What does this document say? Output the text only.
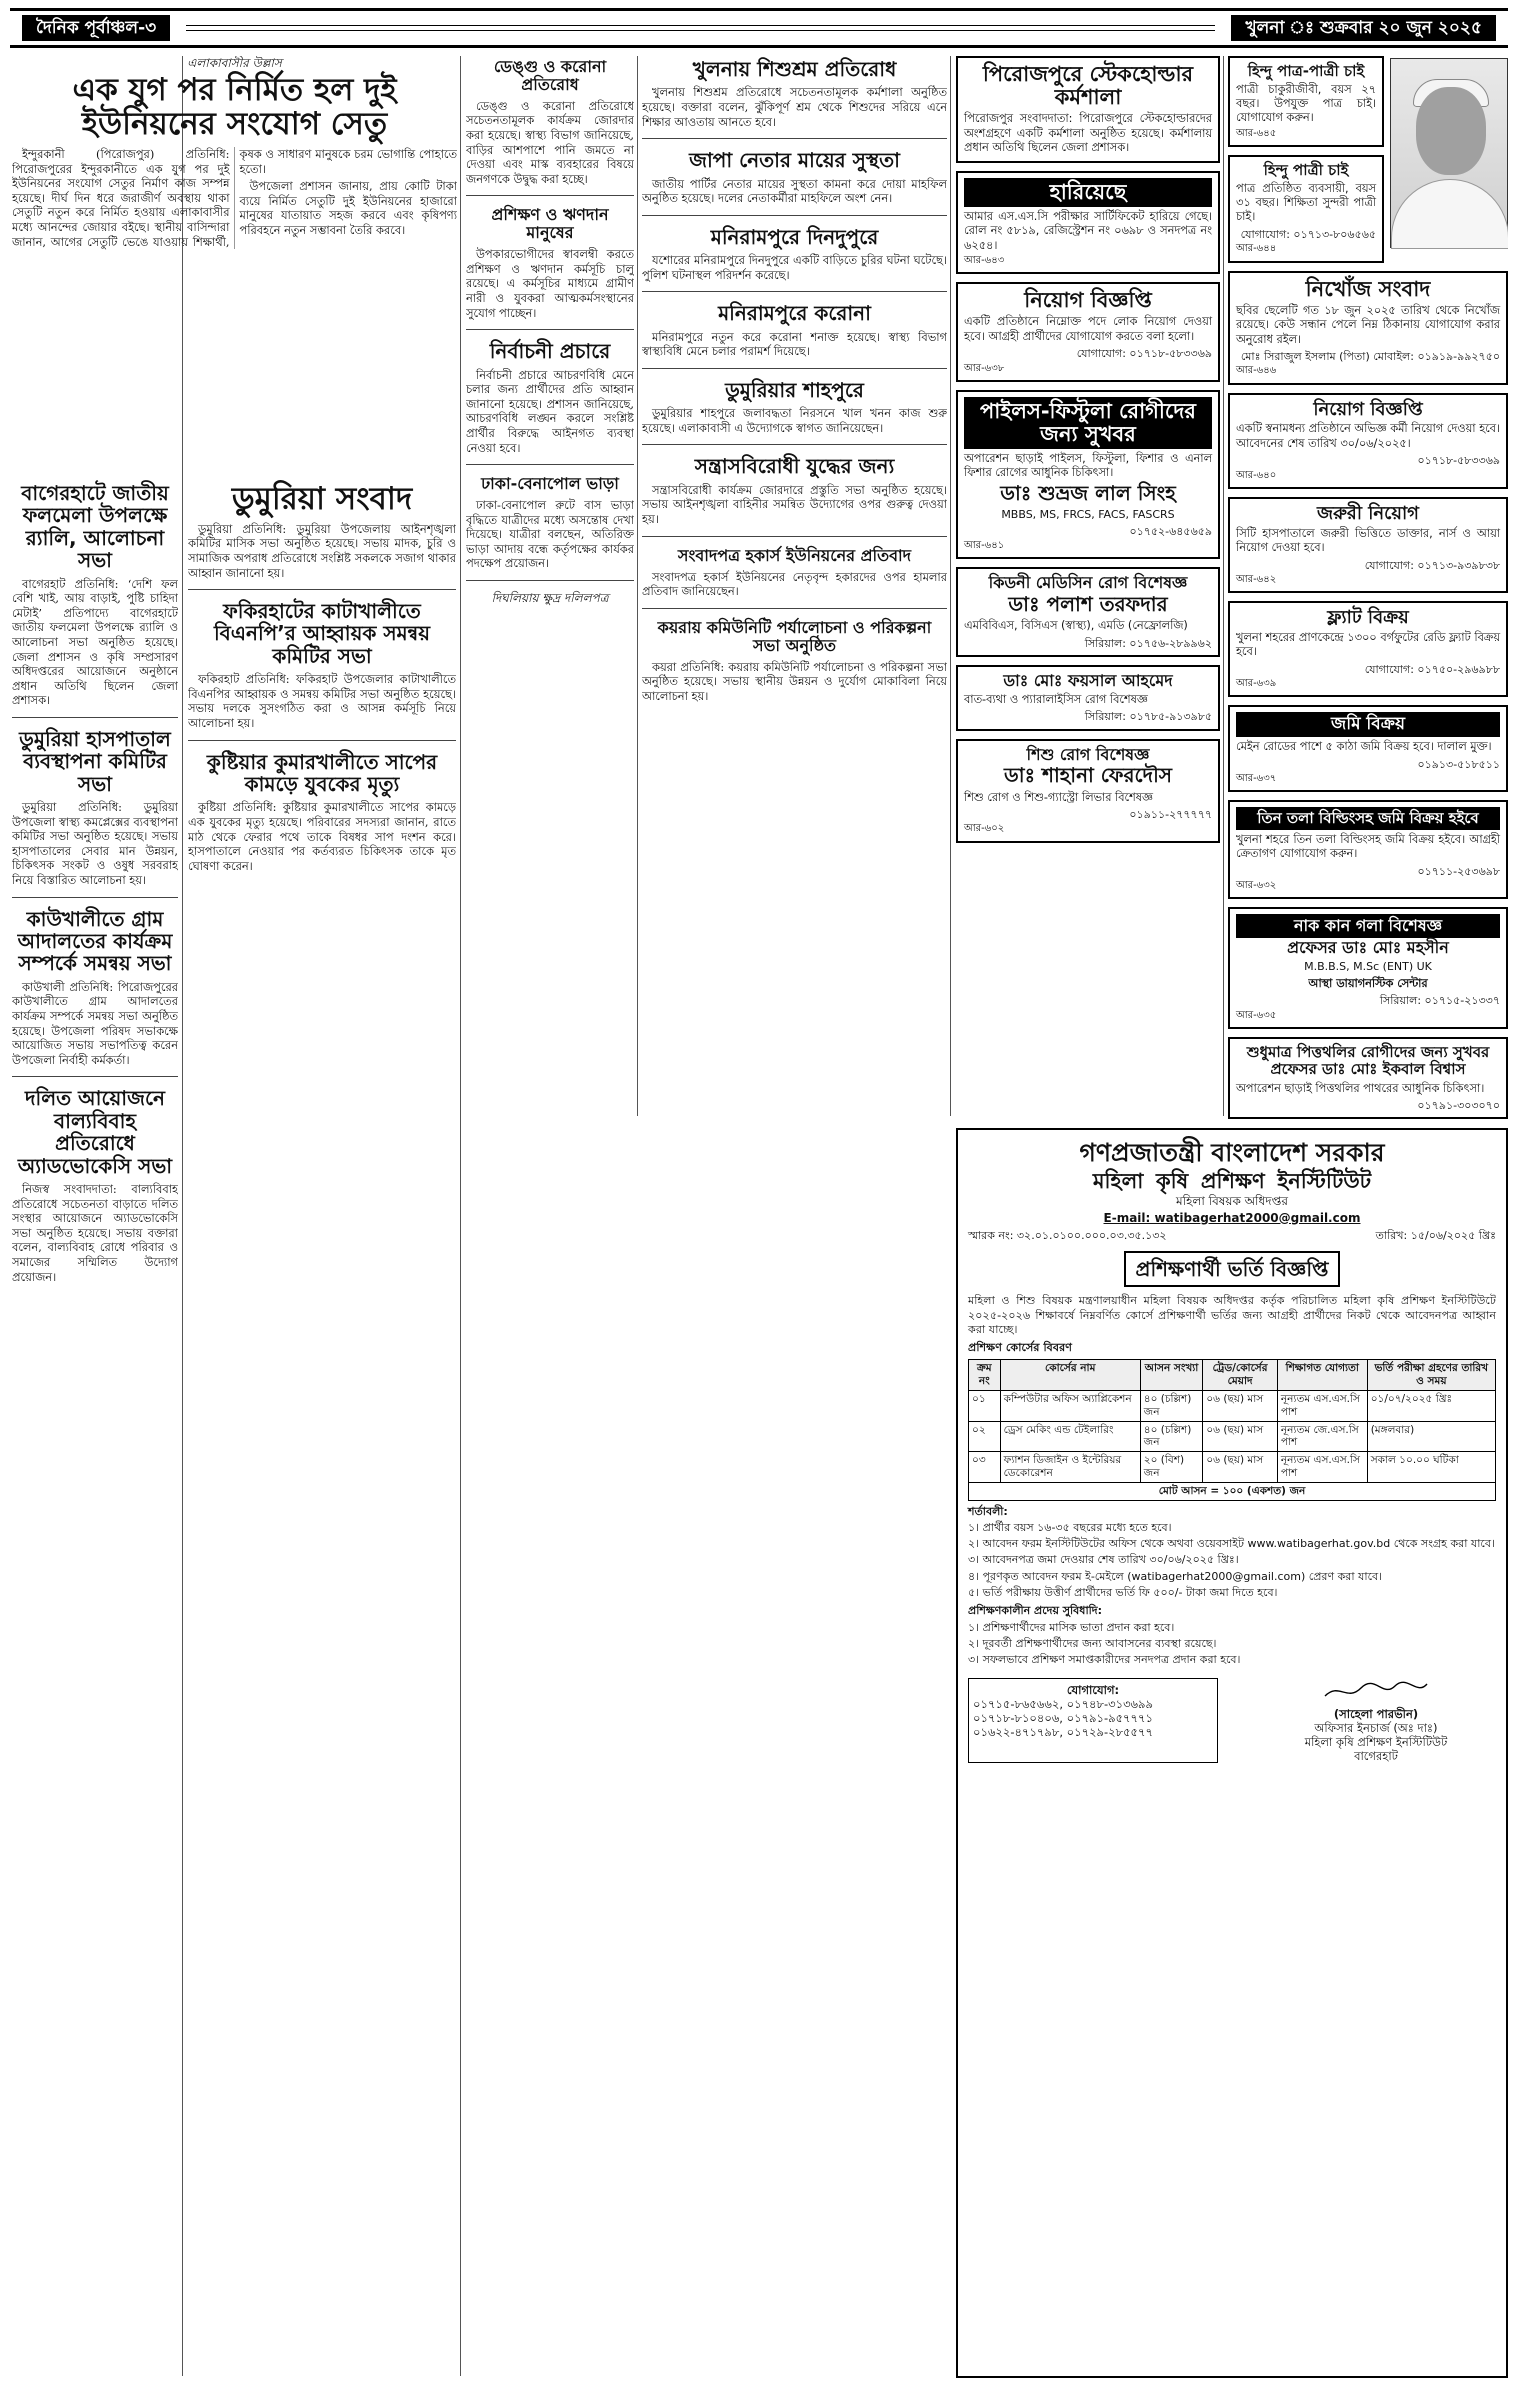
দৈনিক পূর্বাঞ্চল-৩	খুলনা ঃ শুক্রবার ২০ জুন ২০২৫
এলাকাবাসীর উল্লাস
এক যুগ পর নির্মিত হল দুই ইউনিয়নের সংযোগ সেতু

ইন্দুরকানী (পিরোজপুর) প্রতিনিধি: পিরোজপুরের ইন্দুরকানীতে এক যুগ পর দুই ইউনিয়নের সংযোগ সেতুর নির্মাণ কাজ সম্পন্ন হয়েছে। দীর্ঘ দিন ধরে জরাজীর্ণ অবস্থায় থাকা সেতুটি নতুন করে নির্মিত হওয়ায় এলাকাবাসীর মধ্যে আনন্দের জোয়ার বইছে। স্থানীয় বাসিন্দারা জানান, আগের সেতুটি ভেঙে যাওয়ায় শিক্ষার্থী, কৃষক ও সাধারণ মানুষকে চরম ভোগান্তি পোহাতে হতো।

উপজেলা প্রশাসন জানায়, প্রায় কোটি টাকা ব্যয়ে নির্মিত সেতুটি দুই ইউনিয়নের হাজারো মানুষের যাতায়াত সহজ করবে এবং কৃষিপণ্য পরিবহনে নতুন সম্ভাবনা তৈরি করবে।

বাগেরহাটে জাতীয় ফলমেলা উপলক্ষে র‌্যালি, আলোচনা সভা

বাগেরহাট প্রতিনিধি: ‘দেশি ফল বেশি খাই, আয় বাড়াই, পুষ্টি চাহিদা মেটাই’ প্রতিপাদ্যে বাগেরহাটে জাতীয় ফলমেলা উপলক্ষে র‌্যালি ও আলোচনা সভা অনুষ্ঠিত হয়েছে। জেলা প্রশাসন ও কৃষি সম্প্রসারণ অধিদপ্তরের আয়োজনে অনুষ্ঠানে প্রধান অতিথি ছিলেন জেলা প্রশাসক।

ডুমুরিয়া হাসপাতাল ব্যবস্থাপনা কমিটির সভা

ডুমুরিয়া প্রতিনিধি: ডুমুরিয়া উপজেলা স্বাস্থ্য কমপ্লেক্সের ব্যবস্থাপনা কমিটির সভা অনুষ্ঠিত হয়েছে। সভায় হাসপাতালের সেবার মান উন্নয়ন, চিকিৎসক সংকট ও ওষুধ সরবরাহ নিয়ে বিস্তারিত আলোচনা হয়।

কাউখালীতে গ্রাম আদালতের কার্যক্রম সম্পর্কে সমন্বয় সভা

কাউখালী প্রতিনিধি: পিরোজপুরের কাউখালীতে গ্রাম আদালতের কার্যক্রম সম্পর্কে সমন্বয় সভা অনুষ্ঠিত হয়েছে। উপজেলা পরিষদ সভাকক্ষে আয়োজিত সভায় সভাপতিত্ব করেন উপজেলা নির্বাহী কর্মকর্তা।

দলিত আয়োজনে বাল্যবিবাহ প্রতিরোধে অ্যাডভোকেসি সভা

নিজস্ব সংবাদদাতা: বাল্যবিবাহ প্রতিরোধে সচেতনতা বাড়াতে দলিত সংস্থার আয়োজনে অ্যাডভোকেসি সভা অনুষ্ঠিত হয়েছে। সভায় বক্তারা বলেন, বাল্যবিবাহ রোধে পরিবার ও সমাজের সম্মিলিত উদ্যোগ প্রয়োজন।

ডুমুরিয়া সংবাদ

ডুমুরিয়া প্রতিনিধি: ডুমুরিয়া উপজেলায় আইনশৃঙ্খলা কমিটির মাসিক সভা অনুষ্ঠিত হয়েছে। সভায় মাদক, চুরি ও সামাজিক অপরাধ প্রতিরোধে সংশ্লিষ্ট সকলকে সজাগ থাকার আহ্বান জানানো হয়।

ফকিরহাটের কাটাখালীতে বিএনপি’র আহ্বায়ক সমন্বয় কমিটির সভা

ফকিরহাট প্রতিনিধি: ফকিরহাট উপজেলার কাটাখালীতে বিএনপির আহ্বায়ক ও সমন্বয় কমিটির সভা অনুষ্ঠিত হয়েছে। সভায় দলকে সুসংগঠিত করা ও আসন্ন কর্মসূচি নিয়ে আলোচনা হয়।

কুষ্টিয়ার কুমারখালীতে সাপের কামড়ে যুবকের মৃত্যু

কুষ্টিয়া প্রতিনিধি: কুষ্টিয়ার কুমারখালীতে সাপের কামড়ে এক যুবকের মৃত্যু হয়েছে। পরিবারের সদস্যরা জানান, রাতে মাঠ থেকে ফেরার পথে তাকে বিষধর সাপ দংশন করে। হাসপাতালে নেওয়ার পর কর্তব্যরত চিকিৎসক তাকে মৃত ঘোষণা করেন।

ডেঙ্গু ও করোনা প্রতিরোধ

ডেঙ্গু ও করোনা প্রতিরোধে সচেতনতামূলক কার্যক্রম জোরদার করা হয়েছে। স্বাস্থ্য বিভাগ জানিয়েছে, বাড়ির আশপাশে পানি জমতে না দেওয়া এবং মাস্ক ব্যবহারের বিষয়ে জনগণকে উদ্বুদ্ধ করা হচ্ছে।

প্রশিক্ষণ ও ঋণদান মানুষের

উপকারভোগীদের স্বাবলম্বী করতে প্রশিক্ষণ ও ঋণদান কর্মসূচি চালু রয়েছে। এ কর্মসূচির মাধ্যমে গ্রামীণ নারী ও যুবকরা আত্মকর্মসংস্থানের সুযোগ পাচ্ছেন।

নির্বাচনী প্রচারে

নির্বাচনী প্রচারে আচরণবিধি মেনে চলার জন্য প্রার্থীদের প্রতি আহ্বান জানানো হয়েছে। প্রশাসন জানিয়েছে, আচরণবিধি লঙ্ঘন করলে সংশ্লিষ্ট প্রার্থীর বিরুদ্ধে আইনগত ব্যবস্থা নেওয়া হবে।

ঢাকা-বেনাপোল ভাড়া

ঢাকা-বেনাপোল রুটে বাস ভাড়া বৃদ্ধিতে যাত্রীদের মধ্যে অসন্তোষ দেখা দিয়েছে। যাত্রীরা বলছেন, অতিরিক্ত ভাড়া আদায় বন্ধে কর্তৃপক্ষের কার্যকর পদক্ষেপ প্রয়োজন।

দিঘলিয়ায় ক্ষুদ্র দলিলপত্র
খুলনায় শিশুশ্রম প্রতিরোধ

খুলনায় শিশুশ্রম প্রতিরোধে সচেতনতামূলক কর্মশালা অনুষ্ঠিত হয়েছে। বক্তারা বলেন, ঝুঁকিপূর্ণ শ্রম থেকে শিশুদের সরিয়ে এনে শিক্ষার আওতায় আনতে হবে।

জাপা নেতার মায়ের সুস্থতা

জাতীয় পার্টির নেতার মায়ের সুস্থতা কামনা করে দোয়া মাহফিল অনুষ্ঠিত হয়েছে। দলের নেতাকর্মীরা মাহফিলে অংশ নেন।

মনিরামপুরে দিনদুপুরে

যশোরের মনিরামপুরে দিনদুপুরে একটি বাড়িতে চুরির ঘটনা ঘটেছে। পুলিশ ঘটনাস্থল পরিদর্শন করেছে।

মনিরামপুরে করোনা

মনিরামপুরে নতুন করে করোনা শনাক্ত হয়েছে। স্বাস্থ্য বিভাগ স্বাস্থ্যবিধি মেনে চলার পরামর্শ দিয়েছে।

ডুমুরিয়ার শাহপুরে

ডুমুরিয়ার শাহপুরে জলাবদ্ধতা নিরসনে খাল খনন কাজ শুরু হয়েছে। এলাকাবাসী এ উদ্যোগকে স্বাগত জানিয়েছেন।

সন্ত্রাসবিরোধী যুদ্ধের জন্য

সন্ত্রাসবিরোধী কার্যক্রম জোরদারে প্রস্তুতি সভা অনুষ্ঠিত হয়েছে। সভায় আইনশৃঙ্খলা বাহিনীর সমন্বিত উদ্যোগের ওপর গুরুত্ব দেওয়া হয়।

সংবাদপত্র হকার্স ইউনিয়নের প্রতিবাদ

সংবাদপত্র হকার্স ইউনিয়নের নেতৃবৃন্দ হকারদের ওপর হামলার প্রতিবাদ জানিয়েছেন।

কয়রায় কমিউনিটি পর্যালোচনা ও পরিকল্পনা সভা অনুষ্ঠিত

কয়রা প্রতিনিধি: কয়রায় কমিউনিটি পর্যালোচনা ও পরিকল্পনা সভা অনুষ্ঠিত হয়েছে। সভায় স্থানীয় উন্নয়ন ও দুর্যোগ মোকাবিলা নিয়ে আলোচনা হয়।

পিরোজপুরে স্টেকহোল্ডার কর্মশালা
পিরোজপুর সংবাদদাতা: পিরোজপুরে স্টেকহোল্ডারদের অংশগ্রহণে একটি কর্মশালা অনুষ্ঠিত হয়েছে। কর্মশালায় প্রধান অতিথি ছিলেন জেলা প্রশাসক।
হারিয়েছে
আমার এস.এস.সি পরীক্ষার সার্টিফিকেট হারিয়ে গেছে। রোল নং ৫৮১৯, রেজিস্ট্রেশন নং ০৬৯৮ ও সনদপত্র নং ৬২৫৪।
আর-৬৪৩
নিয়োগ বিজ্ঞপ্তি
একটি প্রতিষ্ঠানে নিম্নোক্ত পদে লোক নিয়োগ দেওয়া হবে। আগ্রহী প্রার্থীদের যোগাযোগ করতে বলা হলো।
যোগাযোগ: ০১৭১৮-৫৮৩৩৬৯
আর-৬৩৮
পাইলস-ফিস্টুলা রোগীদের জন্য সুখবর
অপারেশন ছাড়াই পাইলস, ফিস্টুলা, ফিশার ও এনাল ফিশার রোগের আধুনিক চিকিৎসা।
ডাঃ শুভ্রজ লাল সিংহ
MBBS, MS, FRCS, FACS, FASCRS
০১৭৫২-৬৪৫৬৫৯
আর-৬৪১
কিডনী মেডিসিন রোগ বিশেষজ্ঞ
ডাঃ পলাশ তরফদার
এমবিবিএস, বিসিএস (স্বাস্থ্য), এমডি (নেফ্রোলজি)
সিরিয়াল: ০১৭৫৬-২৮৯৯৬২
ডাঃ মোঃ ফয়সাল আহমেদ
বাত-ব্যথা ও প্যারালাইসিস রোগ বিশেষজ্ঞ
সিরিয়াল: ০১৭৮৫-৯১৩৯৮৫
শিশু রোগ বিশেষজ্ঞ
ডাঃ শাহানা ফেরদৌস
শিশু রোগ ও শিশু-গ্যাস্ট্রো লিভার বিশেষজ্ঞ
০১৯১১-২৭৭৭৭৭
আর-৬০২
হিন্দু পাত্র-পাত্রী চাই
পাত্রী চাকুরীজীবী, বয়স ২৭ বছর। উপযুক্ত পাত্র চাই। যোগাযোগ করুন।
আর-৬৪৫
হিন্দু পাত্রী চাই
পাত্র প্রতিষ্ঠিত ব্যবসায়ী, বয়স ৩১ বছর। শিক্ষিতা সুন্দরী পাত্রী চাই।
যোগাযোগ: ০১৭১৩-৮০৬৫৬৫
আর-৬৪৪
নিখোঁজ সংবাদ
ছবির ছেলেটি গত ১৮ জুন ২০২৫ তারিখ থেকে নিখোঁজ রয়েছে। কেউ সন্ধান পেলে নিম্ন ঠিকানায় যোগাযোগ করার অনুরোধ রইল।
মোঃ সিরাজুল ইসলাম (পিতা) মোবাইল: ০১৯১৯-৯৯২৭৫০
আর-৬৪৬
নিয়োগ বিজ্ঞপ্তি
একটি স্বনামধন্য প্রতিষ্ঠানে অভিজ্ঞ কর্মী নিয়োগ দেওয়া হবে। আবেদনের শেষ তারিখ ৩০/০৬/২০২৫।
০১৭১৮-৫৮৩৩৬৯
আর-৬৪০
জরুরী নিয়োগ
সিটি হাসপাতালে জরুরী ভিত্তিতে ডাক্তার, নার্স ও আয়া নিয়োগ দেওয়া হবে।
যোগাযোগ: ০১৭১৩-৯৩৯৮৩৮
আর-৬৪২
ফ্ল্যাট বিক্রয়
খুলনা শহরের প্রাণকেন্দ্রে ১৩০০ বর্গফুটের রেডি ফ্ল্যাট বিক্রয় হবে।
যোগাযোগ: ০১৭৫০-২৯৬৯৮৮
আর-৬৩৯
জমি বিক্রয়
মেইন রোডের পাশে ৫ কাঠা জমি বিক্রয় হবে। দালাল মুক্ত।
০১৯১৩-৫১৮৫১১
আর-৬৩৭
তিন তলা বিল্ডিংসহ জমি বিক্রয় হইবে
খুলনা শহরে তিন তলা বিল্ডিংসহ জমি বিক্রয় হইবে। আগ্রহী ক্রেতাগণ যোগাযোগ করুন।
০১৭১১-২৫৩৬৯৮
আর-৬৩২
নাক কান গলা বিশেষজ্ঞ
প্রফেসর ডাঃ মোঃ মহসীন
M.B.B.S, M.Sc (ENT) UK
আস্থা ডায়াগনস্টিক সেন্টার
সিরিয়াল: ০১৭১৫-২১৩৩৭
আর-৬৩৫
শুধুমাত্র পিত্তথলির রোগীদের জন্য সুখবর
প্রফেসর ডাঃ মোঃ ইকবাল বিশ্বাস
অপারেশন ছাড়াই পিত্তথলির পাথরের আধুনিক চিকিৎসা।
০১৭৯১-৩০৩০৭০
গণপ্রজাতন্ত্রী বাংলাদেশ সরকার
মহিলা কৃষি প্রশিক্ষণ ইনস্টিটিউট
মহিলা বিষয়ক অধিদপ্তর
E-mail: watibagerhat2000@gmail.com
স্মারক নং: ৩২.০১.০১০০.০০০.০৩.৩৫.১৩২	তারিখ: ১৫/০৬/২০২৫ খ্রিঃ
প্রশিক্ষণার্থী ভর্তি বিজ্ঞপ্তি
মহিলা ও শিশু বিষয়ক মন্ত্রণালয়াধীন মহিলা বিষয়ক অধিদপ্তর কর্তৃক পরিচালিত মহিলা কৃষি প্রশিক্ষণ ইনস্টিটিউটে ২০২৫-২০২৬ শিক্ষাবর্ষে নিম্নবর্ণিত কোর্সে প্রশিক্ষণার্থী ভর্তির জন্য আগ্রহী প্রার্থীদের নিকট থেকে আবেদনপত্র আহ্বান করা যাচ্ছে।
প্রশিক্ষণ কোর্সের বিবরণ
ক্রম নং	কোর্সের নাম	আসন সংখ্যা	ট্রেড/কোর্সের মেয়াদ	শিক্ষাগত যোগ্যতা	ভর্তি পরীক্ষা গ্রহণের তারিখ ও সময়
০১	কম্পিউটার অফিস অ্যাপ্লিকেশন	৪০ (চল্লিশ) জন	০৬ (ছয়) মাস	নূন্যতম এস.এস.সি পাশ	০১/০৭/২০২৫ খ্রিঃ
০২	ড্রেস মেকিং এন্ড টেইলারিং	৪০ (চল্লিশ) জন	০৬ (ছয়) মাস	নূন্যতম জে.এস.সি পাশ	(মঙ্গলবার)
০৩	ফ্যাশন ডিজাইন ও ইন্টেরিয়র ডেকোরেশন	২০ (বিশ) জন	০৬ (ছয়) মাস	নূন্যতম এস.এস.সি পাশ	সকাল ১০.০০ ঘটিকা
মোট আসন = ১০০ (একশত) জন					
শর্তাবলী:
১। প্রার্থীর বয়স ১৬-৩৫ বছরের মধ্যে হতে হবে।
২। আবেদন ফরম ইনস্টিটিউটের অফিস থেকে অথবা ওয়েবসাইট www.watibagerhat.gov.bd থেকে সংগ্রহ করা যাবে।
৩। আবেদনপত্র জমা দেওয়ার শেষ তারিখ ৩০/০৬/২০২৫ খ্রিঃ।
৪। পূরণকৃত আবেদন ফরম ই-মেইলে (watibagerhat2000@gmail.com) প্রেরণ করা যাবে।
৫। ভর্তি পরীক্ষায় উত্তীর্ণ প্রার্থীদের ভর্তি ফি ৫০০/- টাকা জমা দিতে হবে।
প্রশিক্ষণকালীন প্রদেয় সুবিধাদি:
১। প্রশিক্ষণার্থীদের মাসিক ভাতা প্রদান করা হবে।
২। দূরবর্তী প্রশিক্ষণার্থীদের জন্য আবাসনের ব্যবস্থা রয়েছে।
৩। সফলভাবে প্রশিক্ষণ সমাপ্তকারীদের সনদপত্র প্রদান করা হবে।
যোগাযোগ:
০১৭১৫-৮৬৫৬৬২, ০১৭৪৮-৩১৩৬৯৯
০১৭১৮-৮১০৪০৬, ০১৭৯১-৯৫৭৭৭১
০১৬২২-৪৭১৭৯৮, ০১৭২৯-২৮৫৫৭৭
(সাহেলা পারভীন)
অফিসার ইনচার্জ (অঃ দাঃ)
মহিলা কৃষি প্রশিক্ষণ ইনস্টিটিউট
বাগেরহাট
